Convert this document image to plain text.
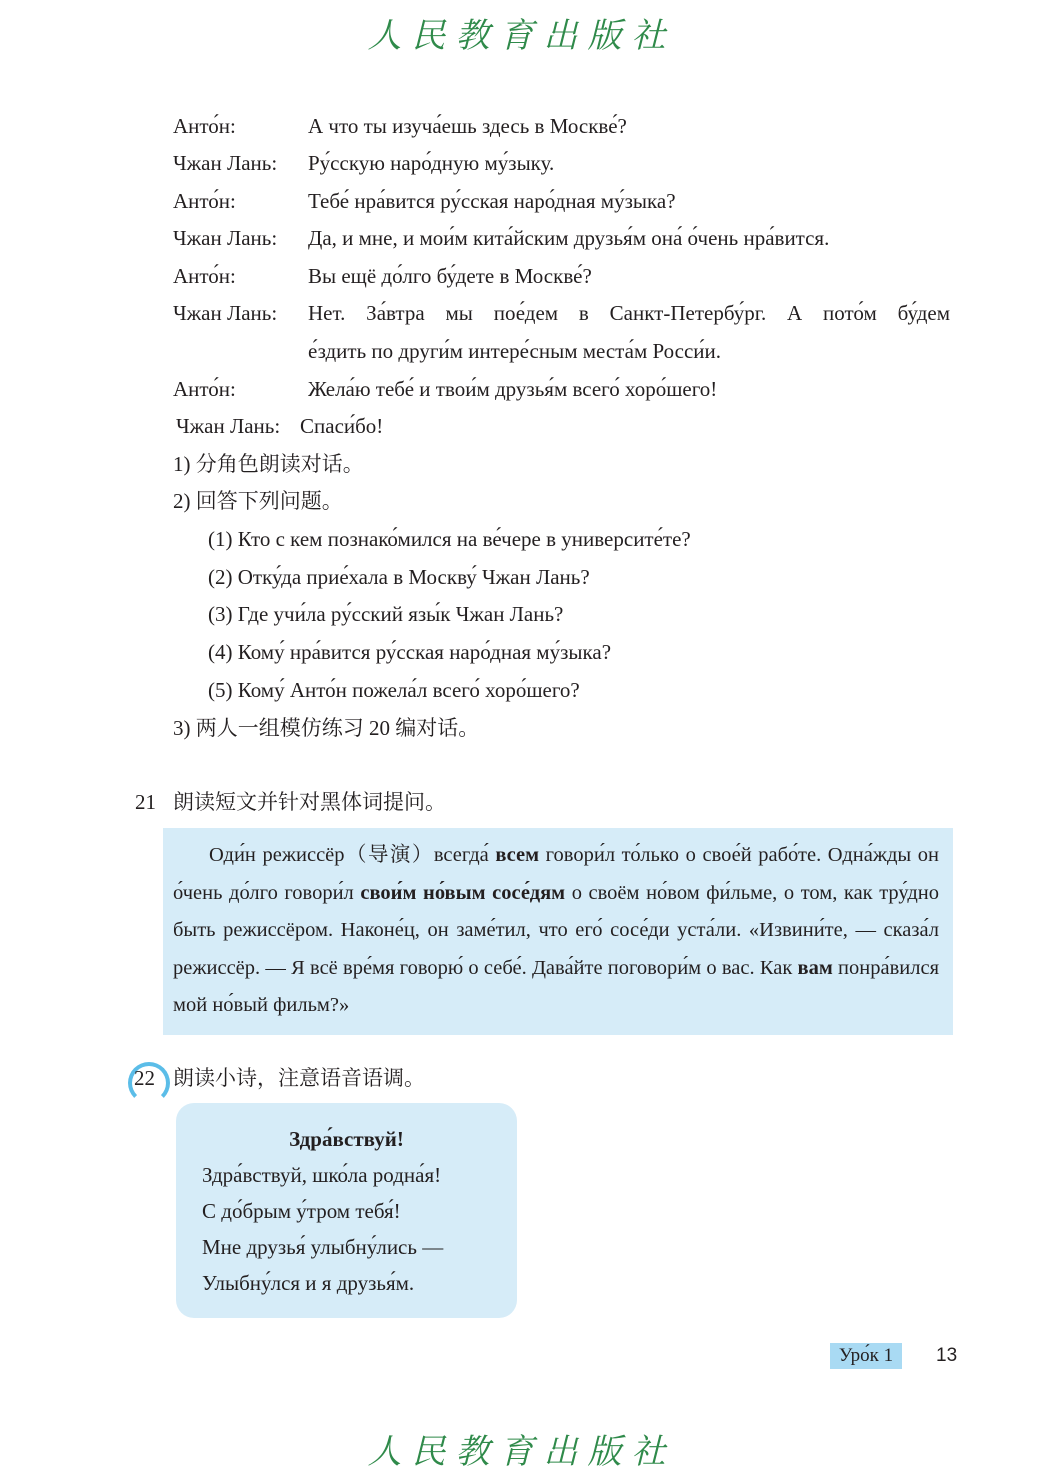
人民教育出版社
Анто́н:	А что ты изуча́ешь здесь в Москве́?
Чжан Лань: Ру́сскую наро́дную му́зыку.
Анто́н:	Тебе́ нра́вится ру́сская наро́дная му́зыка?
Чжан Лань: Да, и мне, и мои́м кита́йским друзья́м она́ о́чень нра́вится.
Анто́н:	Вы ещё до́лго бу́дете в Москве́?
Чжан Лань: Нет. За́втра мы пое́дем в Санкт-Петербу́рг. А пото́м бу́дем
е́здить по други́м интере́сным места́м Росси́и.
Анто́н:	Жела́ю тебе́ и твои́м друзья́м всего́ хоро́шего!
Чжан Лань: Спаси́бо!
1) 分角色朗读对话。
2) 回答下列问题。
(1) Кто с кем познако́мился на ве́чере в университе́те?
(2) Отку́да прие́хала в Москву́ Чжан Лань?
(3) Где учи́ла ру́сский язы́к Чжан Лань?
(4) Кому́ нра́вится ру́сская наро́дная му́зыка?
(5) Кому́ Анто́н пожела́л всего́ хоро́шего?
3) 两人一组模仿练习 20 编对话。
21 朗读短文并针对黑体词提问。

Оди́н режиссёр（导演）всегда́ всем говори́л то́лько о свое́й рабо́те. Одна́жды он о́чень до́лго говори́л свои́м но́вым сосе́дям о своём но́вом фи́льме, о том, как тру́дно быть режиссёром. Наконе́ц, он заме́тил, что его́ сосе́ди уста́ли. «Извини́те, — сказа́л режиссёр. — Я всё вре́мя говорю́ о себе́. Дава́йте поговори́м о вас. Как вам понра́вился мой но́вый фильм?»

22 朗读小诗，注意语音语调。
Здра́вствуй!
Здра́вствуй, шко́ла родна́я!
С до́брым у́тром тебя́!
Мне друзья́ улыбну́лись —
Улыбну́лся и я друзья́м.
Уро́к 1	13
人民教育出版社
